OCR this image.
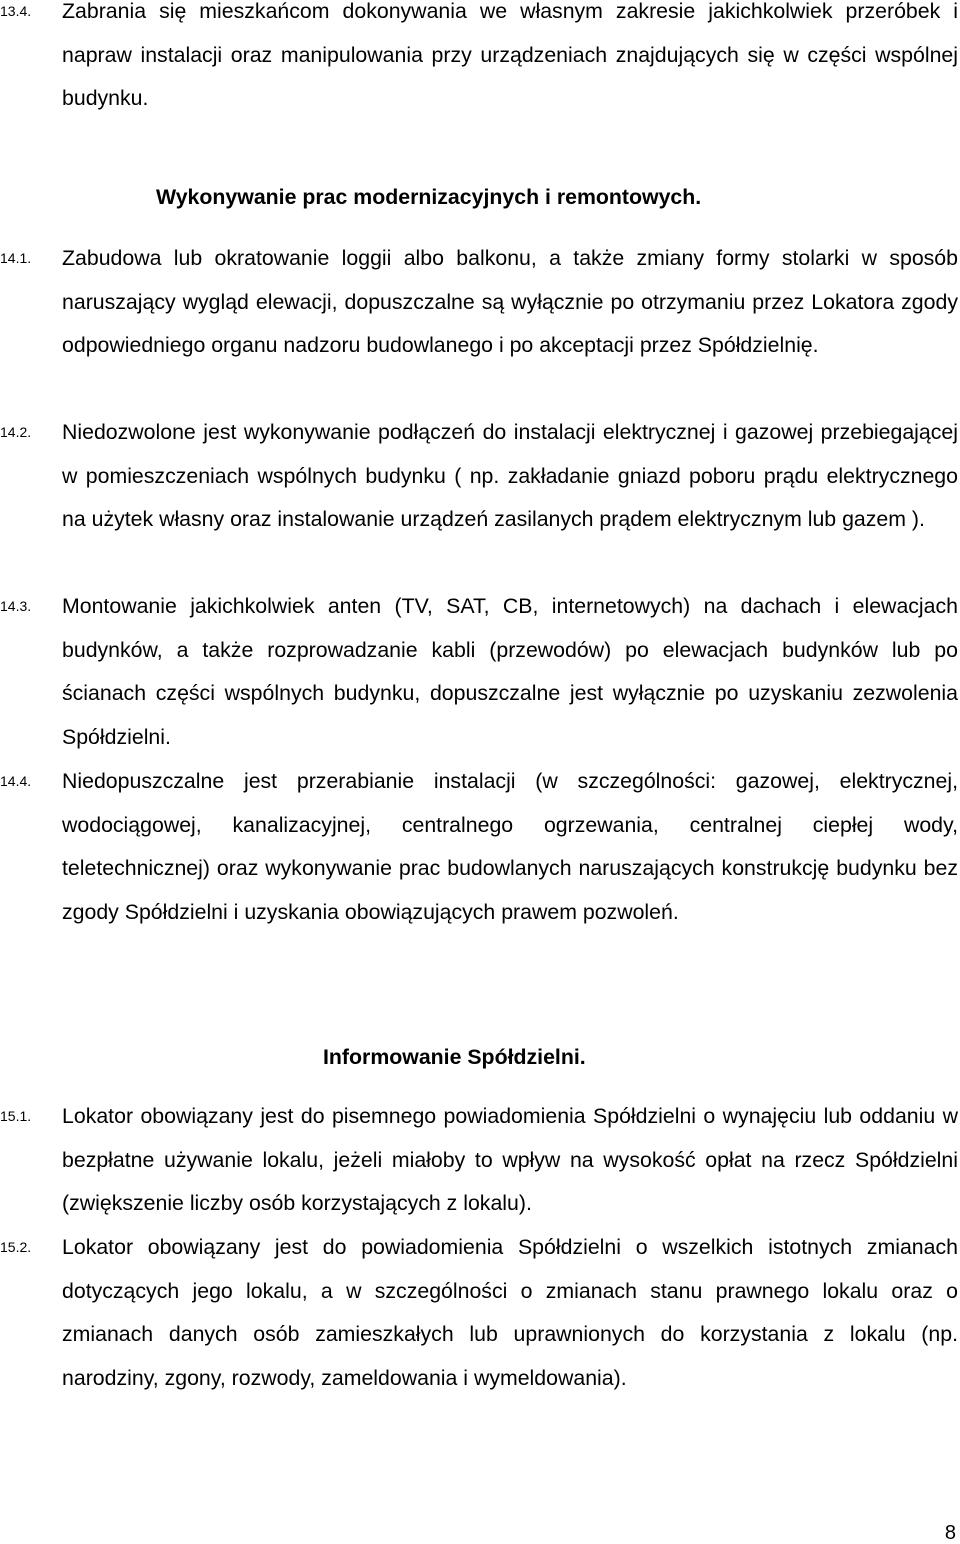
13.4. Zabrania się mieszkańcom dokonywania we własnym zakresie jakichkolwiek przeróbek i napraw instalacji oraz manipulowania przy urządzeniach znajdujących się w części wspólnej budynku.
Wykonywanie prac modernizacyjnych i remontowych.
14.1. Zabudowa lub okratowanie loggii albo balkonu, a także zmiany formy stolarki w sposób naruszający wygląd elewacji, dopuszczalne są wyłącznie po otrzymaniu przez Lokatora zgody odpowiedniego organu nadzoru budowlanego i po akceptacji przez Spółdzielnię.
14.2. Niedozwolone jest wykonywanie podłączeń do instalacji elektrycznej i gazowej przebiegającej w pomieszczeniach wspólnych budynku ( np. zakładanie gniazd poboru prądu elektrycznego na użytek własny oraz instalowanie urządzeń zasilanych prądem elektrycznym lub gazem ).
14.3. Montowanie jakichkolwiek anten (TV, SAT, CB, internetowych) na dachach i elewacjach budynków, a także rozprowadzanie kabli (przewodów) po elewacjach budynków lub po ścianach części wspólnych budynku, dopuszczalne jest wyłącznie po uzyskaniu zezwolenia Spółdzielni.
14.4. Niedopuszczalne jest przerabianie instalacji (w szczególności: gazowej, elektrycznej, wodociągowej, kanalizacyjnej, centralnego ogrzewania, centralnej ciepłej wody, teletechnicznej) oraz wykonywanie prac budowlanych naruszających konstrukcję budynku bez zgody Spółdzielni i uzyskania obowiązujących prawem pozwoleń.
Informowanie Spółdzielni.
15.1. Lokator obowiązany jest do pisemnego powiadomienia Spółdzielni o wynajęciu lub oddaniu w bezpłatne używanie lokalu, jeżeli miałoby to wpływ na wysokość opłat na rzecz Spółdzielni (zwiększenie liczby osób korzystających z lokalu).
15.2. Lokator obowiązany jest do powiadomienia Spółdzielni o wszelkich istotnych zmianach dotyczących jego lokalu, a w szczególności o zmianach stanu prawnego lokalu oraz o zmianach danych osób zamieszkałych lub uprawnionych do korzystania z lokalu (np. narodziny, zgony, rozwody, zameldowania i wymeldowania).
8
